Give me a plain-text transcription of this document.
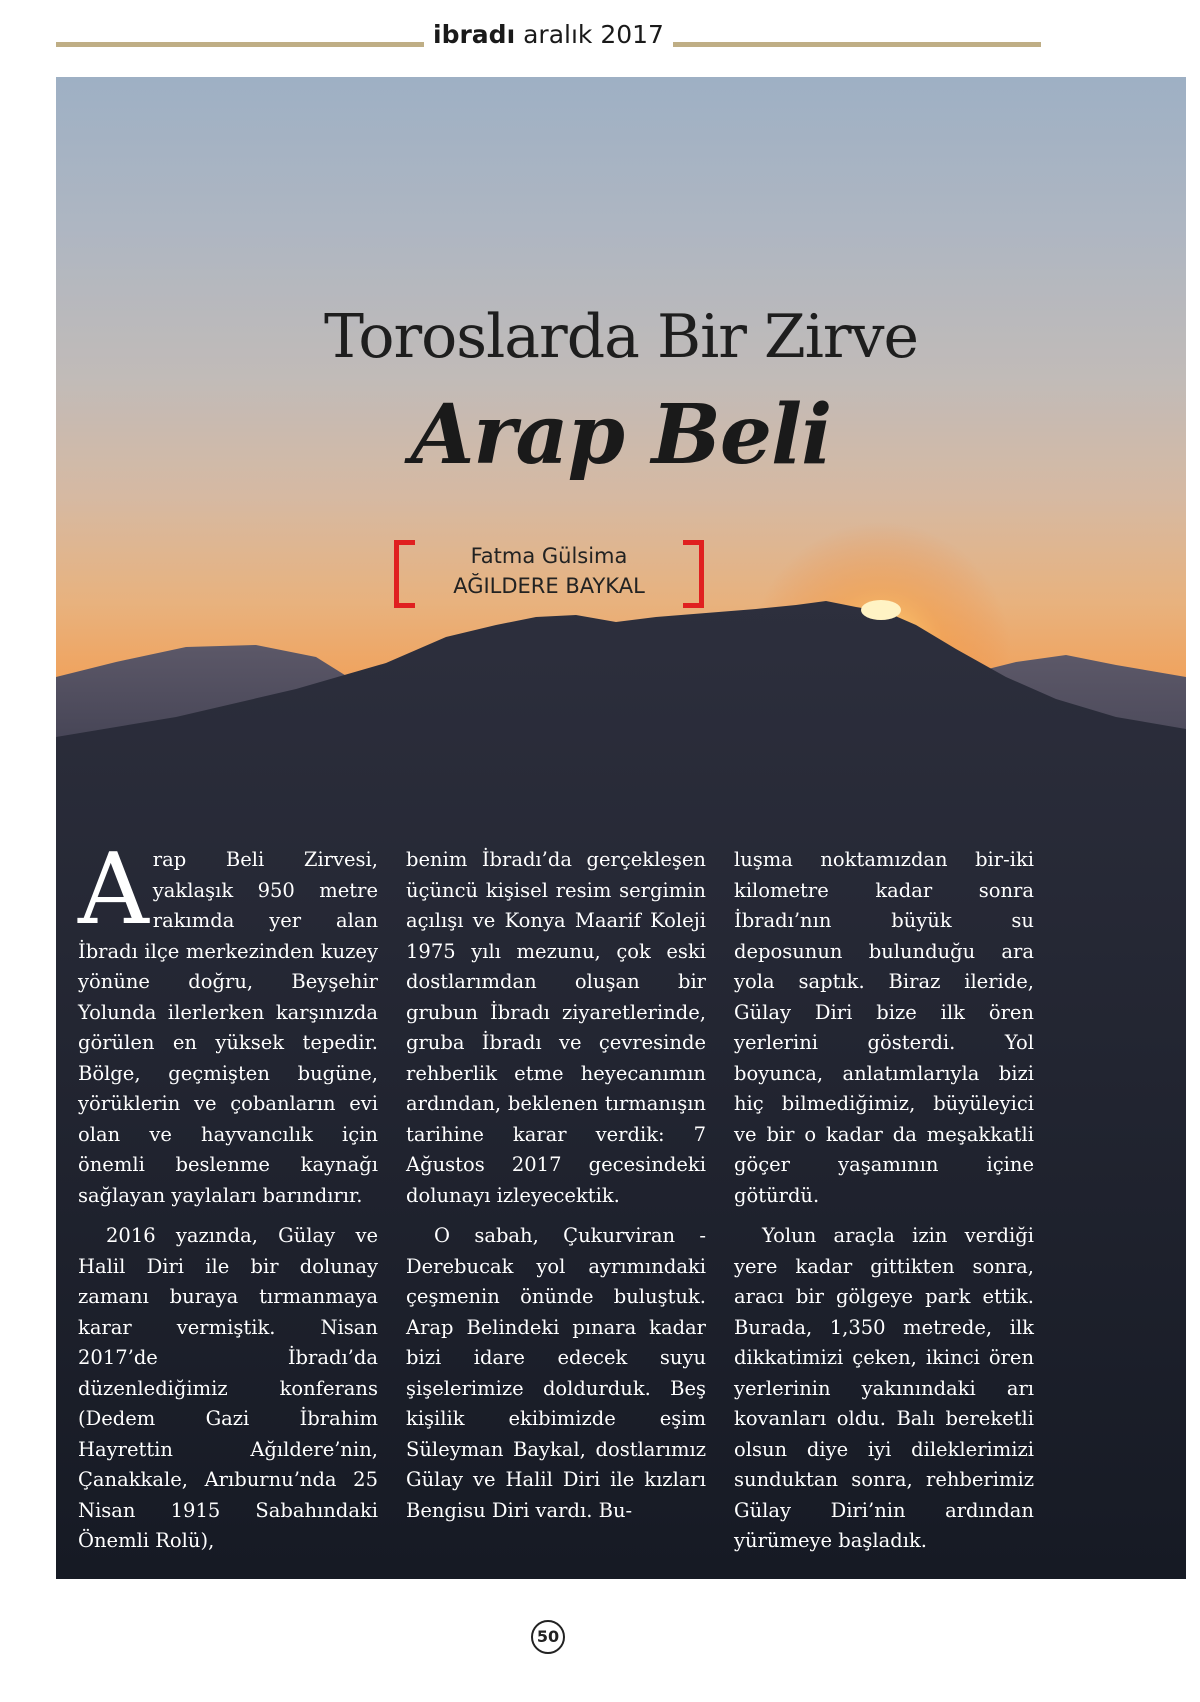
ibradı aralık 2017
Toroslarda Bir Zirve
Arap Beli
Fatma Gülsima
AĞILDERE BAYKAL

Arap Beli Zirvesi, yaklaşık 950 metre rakımda yer alan İbradı ilçe merkezinden kuzey yönüne doğru, Beyşehir Yolunda ilerlerken karşınızda görülen en yüksek tepedir. Bölge, geçmişten bugüne, yörüklerin ve çobanların evi olan ve hayvancılık için önemli beslenme kaynağı sağlayan yaylaları barındırır.

2016 yazında, Gülay ve Halil Diri ile bir dolunay zamanı buraya tırmanmaya karar vermiştik. Nisan 2017’de İbradı’da düzenlediğimiz konferans (Dedem Gazi İbrahim Hayrettin Ağıldere’nin, Çanakkale, Arıburnu’nda 25 Nisan 1915 Sabahındaki Önemli Rolü),

benim İbradı’da gerçekleşen üçüncü kişisel resim sergimin açılışı ve Konya Maarif Koleji 1975 yılı mezunu, çok eski dostlarımdan oluşan bir grubun İbradı ziyaretlerinde, gruba İbradı ve çevresinde rehberlik etme heyecanımın ardından, beklenen tırmanışın tarihine karar verdik: 7 Ağustos 2017 gecesindeki dolunayı izleyecektik.

O sabah, Çukurviran - Derebucak yol ayrımındaki çeşmenin önünde buluştuk. Arap Belindeki pınara kadar bizi idare edecek suyu şişelerimize doldurduk. Beş kişilik ekibimizde eşim Süleyman Baykal, dostlarımız Gülay ve Halil Diri ile kızları Bengisu Diri vardı. Bu-

luşma noktamızdan bir-iki kilometre kadar sonra İbradı’nın büyük su deposunun bulunduğu ara yola saptık. Biraz ileride, Gülay Diri bize ilk ören yerlerini gösterdi. Yol boyunca, anlatımlarıyla bizi hiç bilmediğimiz, büyüleyici ve bir o kadar da meşakkatli göçer yaşamının içine götürdü.

Yolun araçla izin verdiği yere kadar gittikten sonra, aracı bir gölgeye park ettik. Burada, 1,350 metrede, ilk dikkatimizi çeken, ikinci ören yerlerinin yakınındaki arı kovanları oldu. Balı bereketli olsun diye iyi dileklerimizi sunduktan sonra, rehberimiz Gülay Diri’nin ardından yürümeye başladık.

50
